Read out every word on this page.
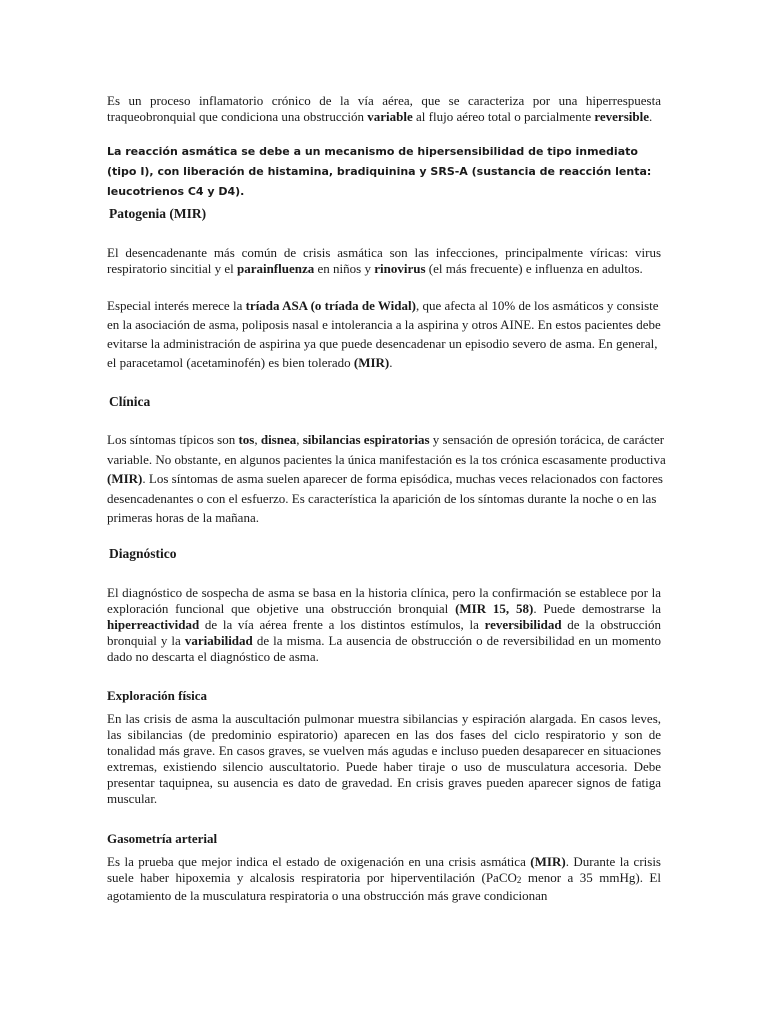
Es un proceso inflamatorio crónico de la vía aérea, que se caracteriza por una hiperrespuesta traqueobronquial que condiciona una obstrucción variable al flujo aéreo total o parcialmente reversible.

La reacción asmática se debe a un mecanismo de hipersensibilidad de tipo inmediato (tipo I), con liberación de histamina, bradiquinina y SRS-A (sustancia de reacción lenta: leucotrienos C4 y D4).

Patogenia (MIR)

El desencadenante más común de crisis asmática son las infecciones, principalmente víricas: virus respiratorio sincitial y el parainfluenza en niños y rinovirus (el más frecuente) e influenza en adultos.

Especial interés merece la tríada ASA (o tríada de Widal), que afecta al 10% de los asmáticos y consiste en la asociación de asma, poliposis nasal e intolerancia a la aspirina y otros AINE. En estos pacientes debe evitarse la administración de aspirina ya que puede desencadenar un episodio severo de asma. En general, el paracetamol (acetaminofén) es bien tolerado (MIR).

Clínica

Los síntomas típicos son tos, disnea, sibilancias espiratorias y sensación de opresión torácica, de carácter variable. No obstante, en algunos pacientes la única manifestación es la tos crónica escasamente productiva (MIR). Los síntomas de asma suelen aparecer de forma episódica, muchas veces relacionados con factores desencadenantes o con el esfuerzo. Es característica la aparición de los síntomas durante la noche o en las primeras horas de la mañana.

Diagnóstico

El diagnóstico de sospecha de asma se basa en la historia clínica, pero la confirmación se establece por la exploración funcional que objetive una obstrucción bronquial (MIR 15, 58). Puede demostrarse la hiperreactividad de la vía aérea frente a los distintos estímulos, la reversibilidad de la obstrucción bronquial y la variabilidad de la misma. La ausencia de obstrucción o de reversibilidad en un momento dado no descarta el diagnóstico de asma.

Exploración física

En las crisis de asma la auscultación pulmonar muestra sibilancias y espiración alargada. En casos leves, las sibilancias (de predominio espiratorio) aparecen en las dos fases del ciclo respiratorio y son de tonalidad más grave. En casos graves, se vuelven más agudas e incluso pueden desaparecer en situaciones extremas, existiendo silencio auscultatorio. Puede haber tiraje o uso de musculatura accesoria. Debe presentar taquipnea, su ausencia es dato de gravedad. En crisis graves pueden aparecer signos de fatiga muscular.

Gasometría arterial

Es la prueba que mejor indica el estado de oxigenación en una crisis asmática (MIR). Durante la crisis suele haber hipoxemia y alcalosis respiratoria por hiperventilación (PaCO$_2$ menor a 35 mmHg). El agotamiento de la musculatura respiratoria o una obstrucción más grave condicionan
